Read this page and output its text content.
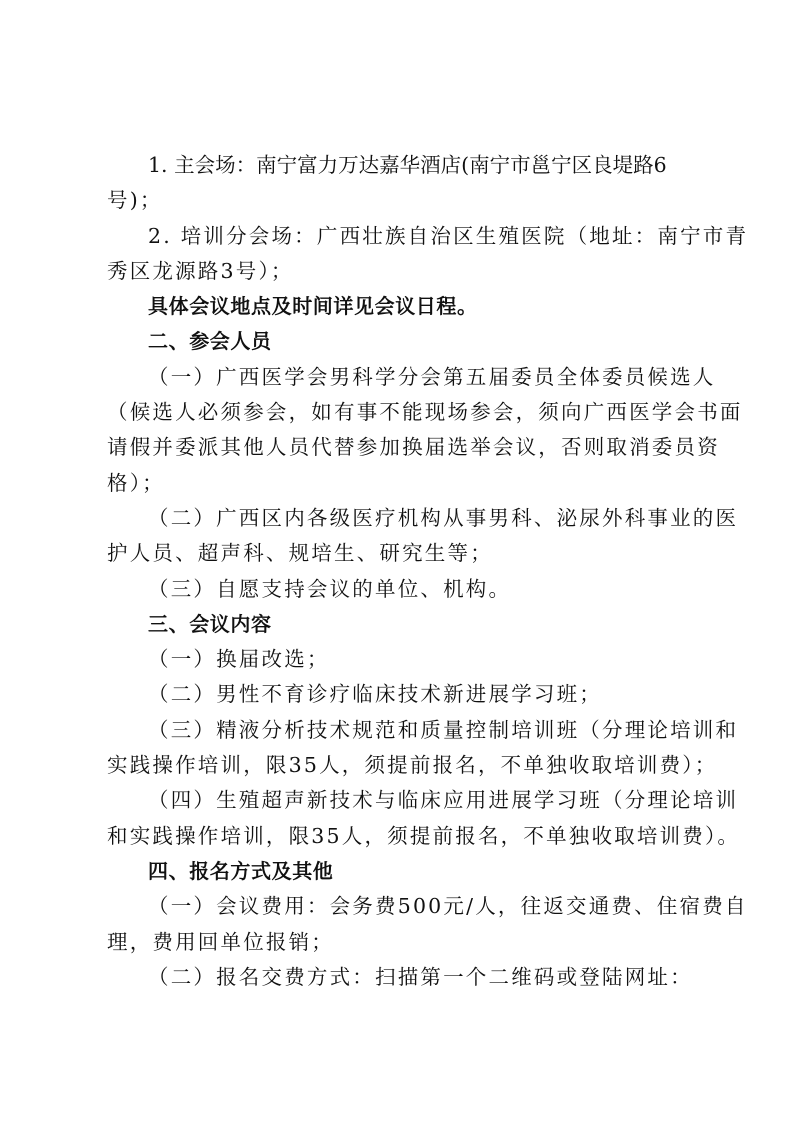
1. 主会场：南宁富力万达嘉华酒店(南宁市邕宁区良堤路6
号)；
2. 培训分会场：广西壮族自治区生殖医院（地址：南宁市青
秀区龙源路3号）；
具体会议地点及时间详见会议日程。
二、参会人员
（一）广西医学会男科学分会第五届委员全体委员候选人
（候选人必须参会，如有事不能现场参会，须向广西医学会书面
请假并委派其他人员代替参加换届选举会议，否则取消委员资
格）；
（二）广西区内各级医疗机构从事男科、泌尿外科事业的医
护人员、超声科、规培生、研究生等；
（三）自愿支持会议的单位、机构。
三、会议内容
（一）换届改选；
（二）男性不育诊疗临床技术新进展学习班；
（三）精液分析技术规范和质量控制培训班（分理论培训和
实践操作培训，限35人，须提前报名，不单独收取培训费）；
（四）生殖超声新技术与临床应用进展学习班（分理论培训
和实践操作培训，限35人，须提前报名，不单独收取培训费）。
四、报名方式及其他
（一）会议费用：会务费500元/人，往返交通费、住宿费自
理，费用回单位报销；
（二）报名交费方式：扫描第一个二维码或登陆网址：
